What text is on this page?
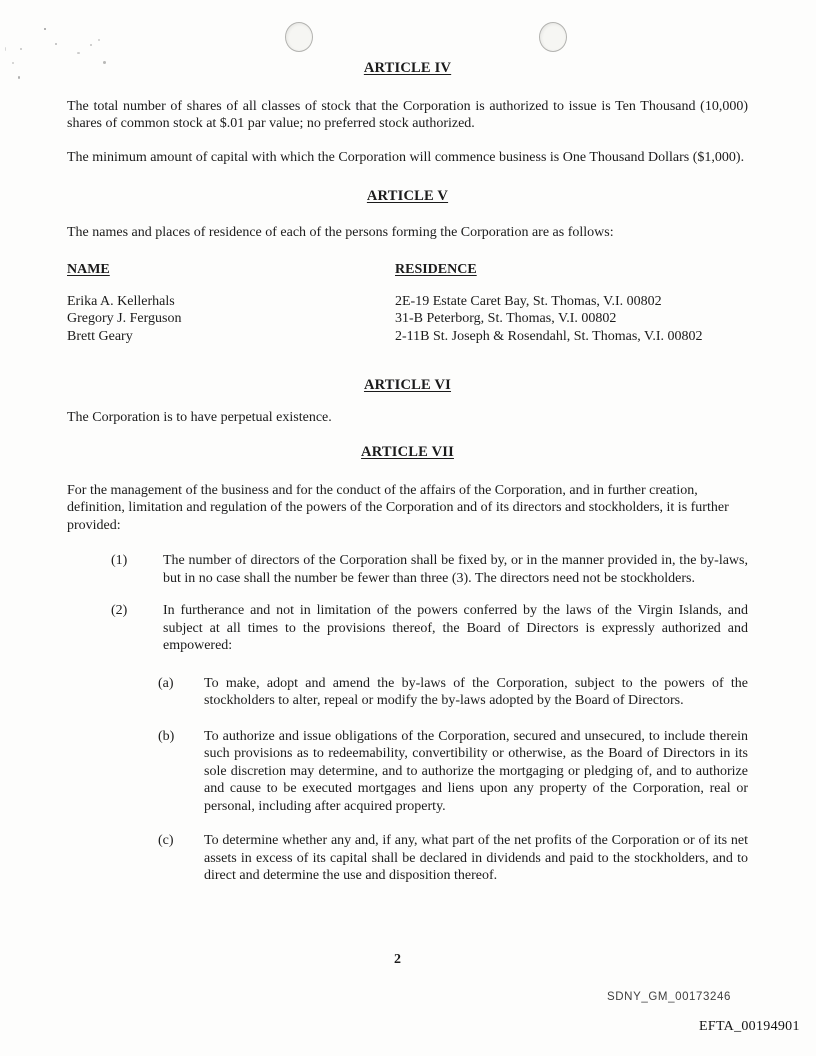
ARTICLE IV
The total number of shares of all classes of stock that the Corporation is authorized to issue is Ten Thousand (10,000) shares of common stock at $.01 par value; no preferred stock authorized.
The minimum amount of capital with which the Corporation will commence business is One Thousand Dollars ($1,000).
ARTICLE V
The names and places of residence of each of the persons forming the Corporation are as follows:
NAME	RESIDENCE
Erika A. Kellerhals	2E-19 Estate Caret Bay, St. Thomas, V.I. 00802
Gregory J. Ferguson	31-B Peterborg, St. Thomas, V.I. 00802
Brett Geary	2-11B St. Joseph & Rosendahl, St. Thomas, V.I. 00802
ARTICLE VI
The Corporation is to have perpetual existence.
ARTICLE VII
For the management of the business and for the conduct of the affairs of the Corporation, and in further creation, definition, limitation and regulation of the powers of the Corporation and of its directors and stockholders, it is further provided:
(1)	The number of directors of the Corporation shall be fixed by, or in the manner provided in, the by-laws, but in no case shall the number be fewer than three (3). The directors need not be stockholders.
(2)	In furtherance and not in limitation of the powers conferred by the laws of the Virgin Islands, and subject at all times to the provisions thereof, the Board of Directors is expressly authorized and empowered:
(a)	To make, adopt and amend the by-laws of the Corporation, subject to the powers of the stockholders to alter, repeal or modify the by-laws adopted by the Board of Directors.
(b)	To authorize and issue obligations of the Corporation, secured and unsecured, to include therein such provisions as to redeemability, convertibility or otherwise, as the Board of Directors in its sole discretion may determine, and to authorize the mortgaging or pledging of, and to authorize and cause to be executed mortgages and liens upon any property of the Corporation, real or personal, including after acquired property.
(c)	To determine whether any and, if any, what part of the net profits of the Corporation or of its net assets in excess of its capital shall be declared in dividends and paid to the stockholders, and to direct and determine the use and disposition thereof.
2
SDNY_GM_00173246
EFTA_00194901
